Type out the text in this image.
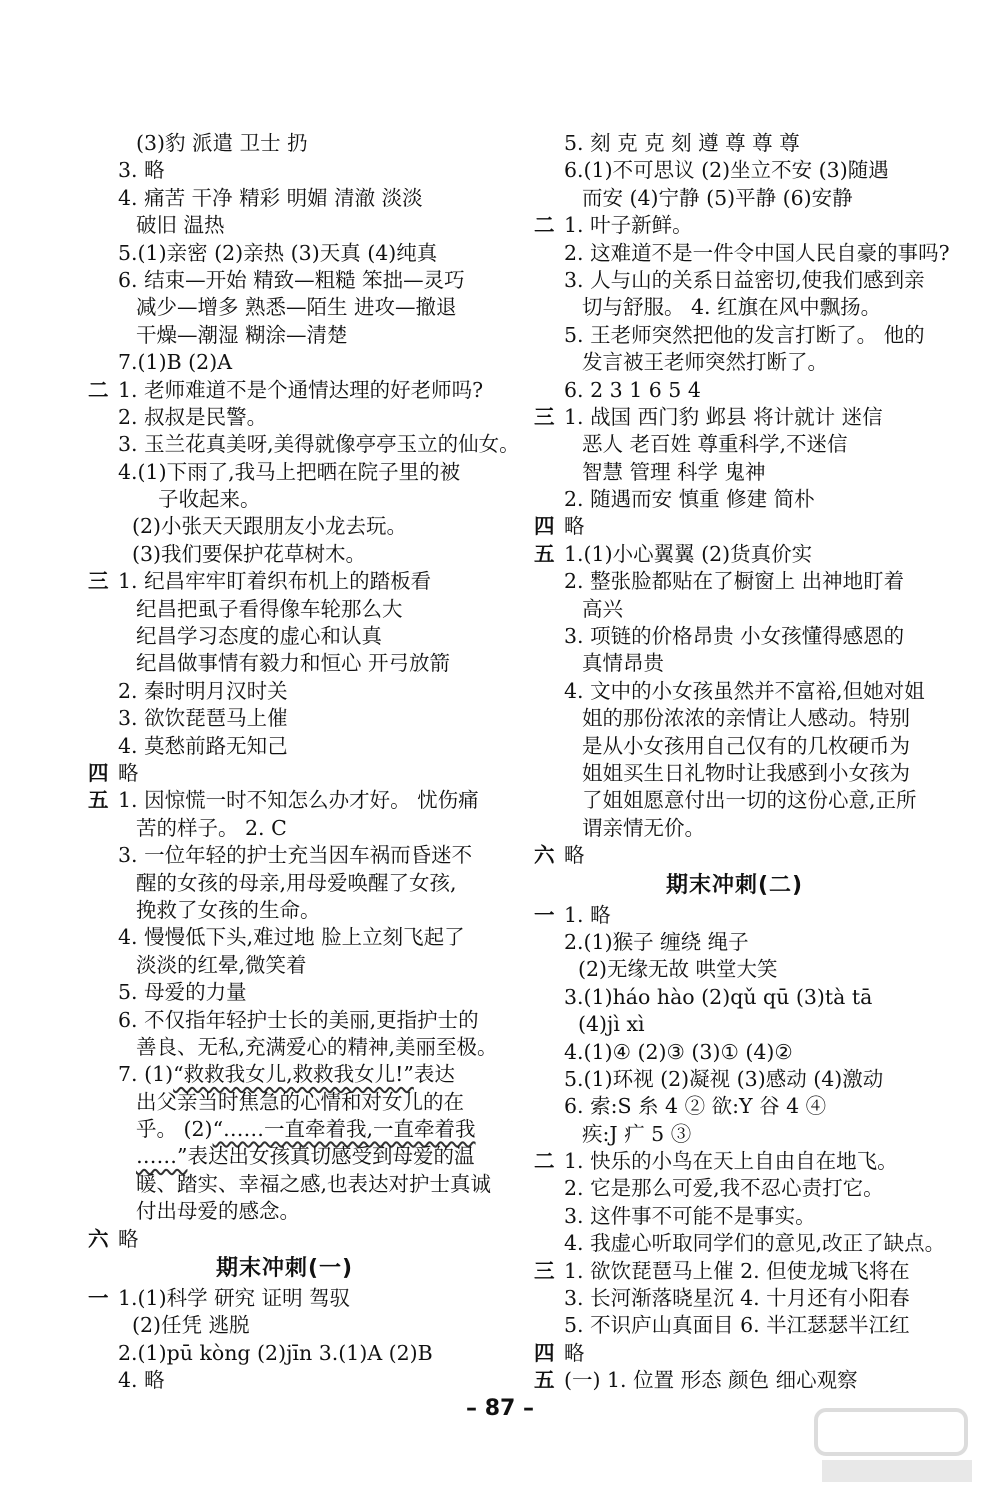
(3)豹 派遣 卫士 扔
3. 略
4. 痛苦 干净 精彩 明媚 清澈 淡淡
破旧 温热
5.(1)亲密 (2)亲热 (3)天真 (4)纯真
6. 结束—开始 精致—粗糙 笨拙—灵巧
减少—增多 熟悉—陌生 进攻—撤退
干燥—潮湿 糊涂—清楚
7.(1)B (2)A
二 1. 老师难道不是个通情达理的好老师吗?
2. 叔叔是民警。
3. 玉兰花真美呀,美得就像亭亭玉立的仙女。
4.(1)下雨了,我马上把晒在院子里的被
子收起来。
(2)小张天天跟朋友小龙去玩。
(3)我们要保护花草树木。
三 1. 纪昌牢牢盯着织布机上的踏板看
纪昌把虱子看得像车轮那么大
纪昌学习态度的虚心和认真
纪昌做事情有毅力和恒心 开弓放箭
2. 秦时明月汉时关
3. 欲饮琵琶马上催
4. 莫愁前路无知己
四 略
五 1. 因惊慌一时不知怎么办才好。 忧伤痛
苦的样子。 2. C
3. 一位年轻的护士充当因车祸而昏迷不
醒的女孩的母亲,用母爱唤醒了女孩,
挽救了女孩的生命。
4. 慢慢低下头,难过地 脸上立刻飞起了
淡淡的红晕,微笑着
5. 母爱的力量
6. 不仅指年轻护士长的美丽,更指护士的
善良、无私,充满爱心的精神,美丽至极。
7. (1)“救救我女儿,救救我女儿!”表达
出父亲当时焦急的心情和对女儿的在
乎。 (2)“……一直牵着我,一直牵着我
……”表达出女孩真切感受到母爱的温
暖、踏实、幸福之感,也表达对护士真诚
付出母爱的感念。
六 略
期末冲刺(一)
一 1.(1)科学 研究 证明 驾驭
(2)任凭 逃脱
2.(1)pū kòng (2)jīn 3.(1)A (2)B
4. 略
5. 刻 克 克 刻 遵 尊 尊 尊
6.(1)不可思议 (2)坐立不安 (3)随遇
而安 (4)宁静 (5)平静 (6)安静
二 1. 叶子新鲜。
2. 这难道不是一件令中国人民自豪的事吗?
3. 人与山的关系日益密切,使我们感到亲
切与舒服。 4. 红旗在风中飘扬。
5. 王老师突然把他的发言打断了。 他的
发言被王老师突然打断了。
6. 2 3 1 6 5 4
三 1. 战国 西门豹 邺县 将计就计 迷信
恶人 老百姓 尊重科学,不迷信
智慧 管理 科学 鬼神
2. 随遇而安 慎重 修建 简朴
四 略
五 1.(1)小心翼翼 (2)货真价实
2. 整张脸都贴在了橱窗上 出神地盯着
高兴
3. 项链的价格昂贵 小女孩懂得感恩的
真情昂贵
4. 文中的小女孩虽然并不富裕,但她对姐
姐的那份浓浓的亲情让人感动。特别
是从小女孩用自己仅有的几枚硬币为
姐姐买生日礼物时让我感到小女孩为
了姐姐愿意付出一切的这份心意,正所
谓亲情无价。
六 略
期末冲刺(二)
一 1. 略
2.(1)猴子 缠绕 绳子
(2)无缘无故 哄堂大笑
3.(1)háo hào (2)qǔ qū (3)tà tā
(4)jì xì
4.(1)④ (2)③ (3)① (4)②
5.(1)环视 (2)凝视 (3)感动 (4)激动
6. 索:S 糸 4 ② 欲:Y 谷 4 ④
疾:J 疒 5 ③
二 1. 快乐的小鸟在天上自由自在地飞。
2. 它是那么可爱,我不忍心责打它。
3. 这件事不可能不是事实。
4. 我虚心听取同学们的意见,改正了缺点。
三 1. 欲饮琵琶马上催 2. 但使龙城飞将在
3. 长河渐落晓星沉 4. 十月还有小阳春
5. 不识庐山真面目 6. 半江瑟瑟半江红
四 略
五 (一) 1. 位置 形态 颜色 细心观察
– 87 –
